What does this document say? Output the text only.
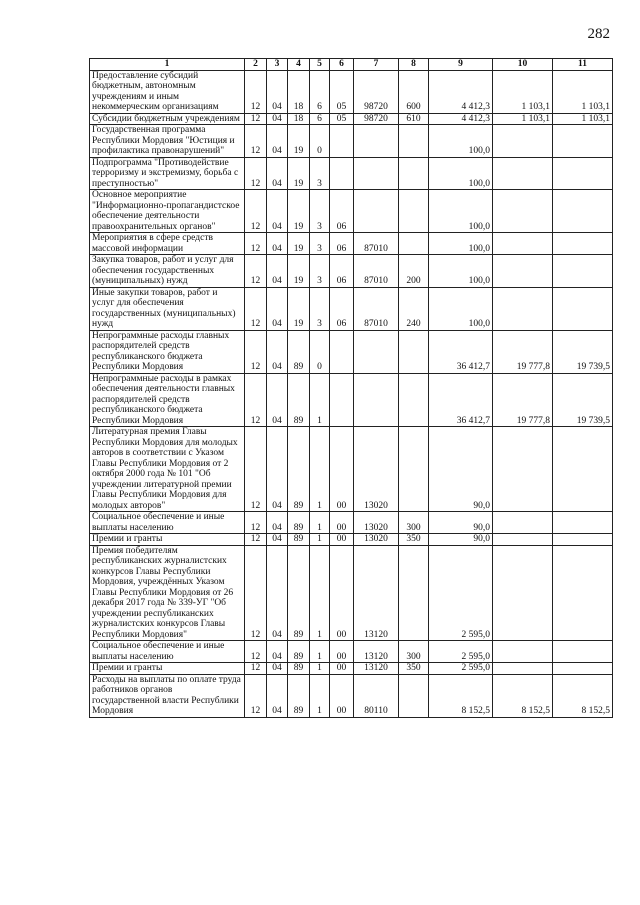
282
1	2	3	4	5	6	7	8	9	10	11
Предоставление субсидий бюджетным, автономным учреждениям и иным некоммерческим организациям	12	04	18	6	05	98720	600	4 412,3	1 103,1	1 103,1
Субсидии бюджетным учреждениям	12	04	18	6	05	98720	610	4 412,3	1 103,1	1 103,1
Государственная программа Республики Мордовия "Юстиция и профилактика правонарушений"	12	04	19	0				100,0		
Подпрограмма "Противодействие терроризму и экстремизму, борьба с преступностью"	12	04	19	3				100,0		
Основное мероприятие "Информационно-пропагандистское обеспечение деятельности правоохранительных органов"	12	04	19	3	06			100,0		
Мероприятия в сфере средств массовой информации	12	04	19	3	06	87010		100,0		
Закупка товаров, работ и услуг для обеспечения государственных (муниципальных) нужд	12	04	19	3	06	87010	200	100,0		
Иные закупки товаров, работ и услуг для обеспечения государственных (муниципальных) нужд	12	04	19	3	06	87010	240	100,0		
Непрограммные расходы главных распорядителей средств республиканского бюджета Республики Мордовия	12	04	89	0				36 412,7	19 777,8	19 739,5
Непрограммные расходы в рамках обеспечения деятельности главных распорядителей средств республиканского бюджета Республики Мордовия	12	04	89	1				36 412,7	19 777,8	19 739,5
Литературная премия Главы Республики Мордовия для молодых авторов в соответствии с Указом Главы Республики Мордовия от 2 октября 2000 года № 101 "Об учреждении литературной премии Главы Республики Мордовия для молодых авторов"	12	04	89	1	00	13020		90,0		
Социальное обеспечение и иные выплаты населению	12	04	89	1	00	13020	300	90,0		
Премии и гранты	12	04	89	1	00	13020	350	90,0		
Премия победителям республиканских журналистских конкурсов Главы Республики Мордовия, учреждённых Указом Главы Республики Мордовия от 26 декабря 2017 года № 339-УГ "Об учреждении республиканских журналистских конкурсов Главы Республики Мордовия"	12	04	89	1	00	13120		2 595,0		
Социальное обеспечение и иные выплаты населению	12	04	89	1	00	13120	300	2 595,0		
Премии и гранты	12	04	89	1	00	13120	350	2 595,0		
Расходы на выплаты по оплате труда работников органов государственной власти Республики Мордовия	12	04	89	1	00	80110		8 152,5	8 152,5	8 152,5
